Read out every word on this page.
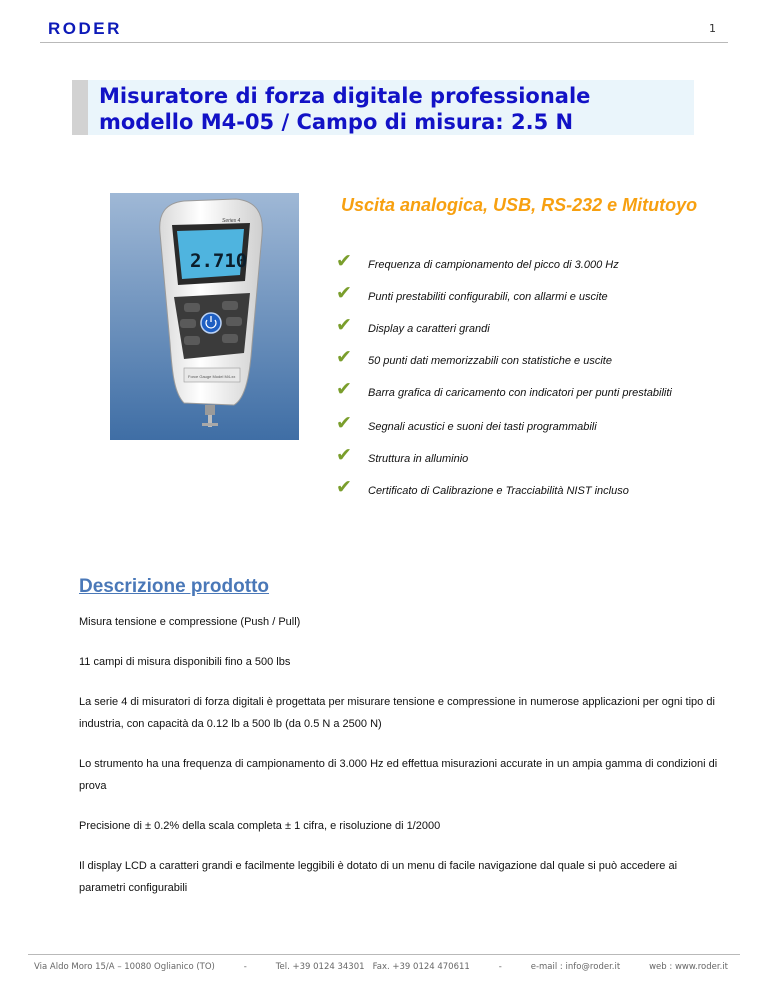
RODER	1
Misuratore di forza digitale professionale
modello M4-05 / Campo di misura: 2.5 N
2.710
Series 4
Force Gauge Model M4-xx
Uscita analogica, USB, RS-232 e Mitutoyo
✔ Frequenza di campionamento del picco di 3.000 Hz
✔ Punti prestabiliti configurabili, con allarmi e uscite
✔ Display a caratteri grandi
✔ 50 punti dati memorizzabili con statistiche e uscite
✔ Barra grafica di caricamento con indicatori per punti prestabiliti
✔ Segnali acustici e suoni dei tasti programmabili
✔ Struttura in alluminio
✔ Certificato di Calibrazione e Tracciabilità NIST incluso
Descrizione prodotto

Misura tensione e compressione (Push / Pull)

11 campi di misura disponibili fino a 500 lbs

La serie 4 di misuratori di forza digitali è progettata per misurare tensione e compressione in numerose applicazioni per ogni tipo di industria, con capacità da 0.12 lb a 500 lb (da 0.5 N a 2500 N)

Lo strumento ha una frequenza di campionamento di 3.000 Hz ed effettua misurazioni accurate in un ampia gamma di condizioni di prova

Precisione di ± 0.2% della scala completa ± 1 cifra, e risoluzione di 1/2000

Il display LCD a caratteri grandi e facilmente leggibili è dotato di un menu di facile navigazione dal quale si può accedere ai parametri configurabili

Via Aldo Moro 15/A – 10080 Oglianico (TO)	-	Tel. +39 0124 34301 Fax. +39 0124 470611	-	e-mail : info@roder.it	web : www.roder.it
